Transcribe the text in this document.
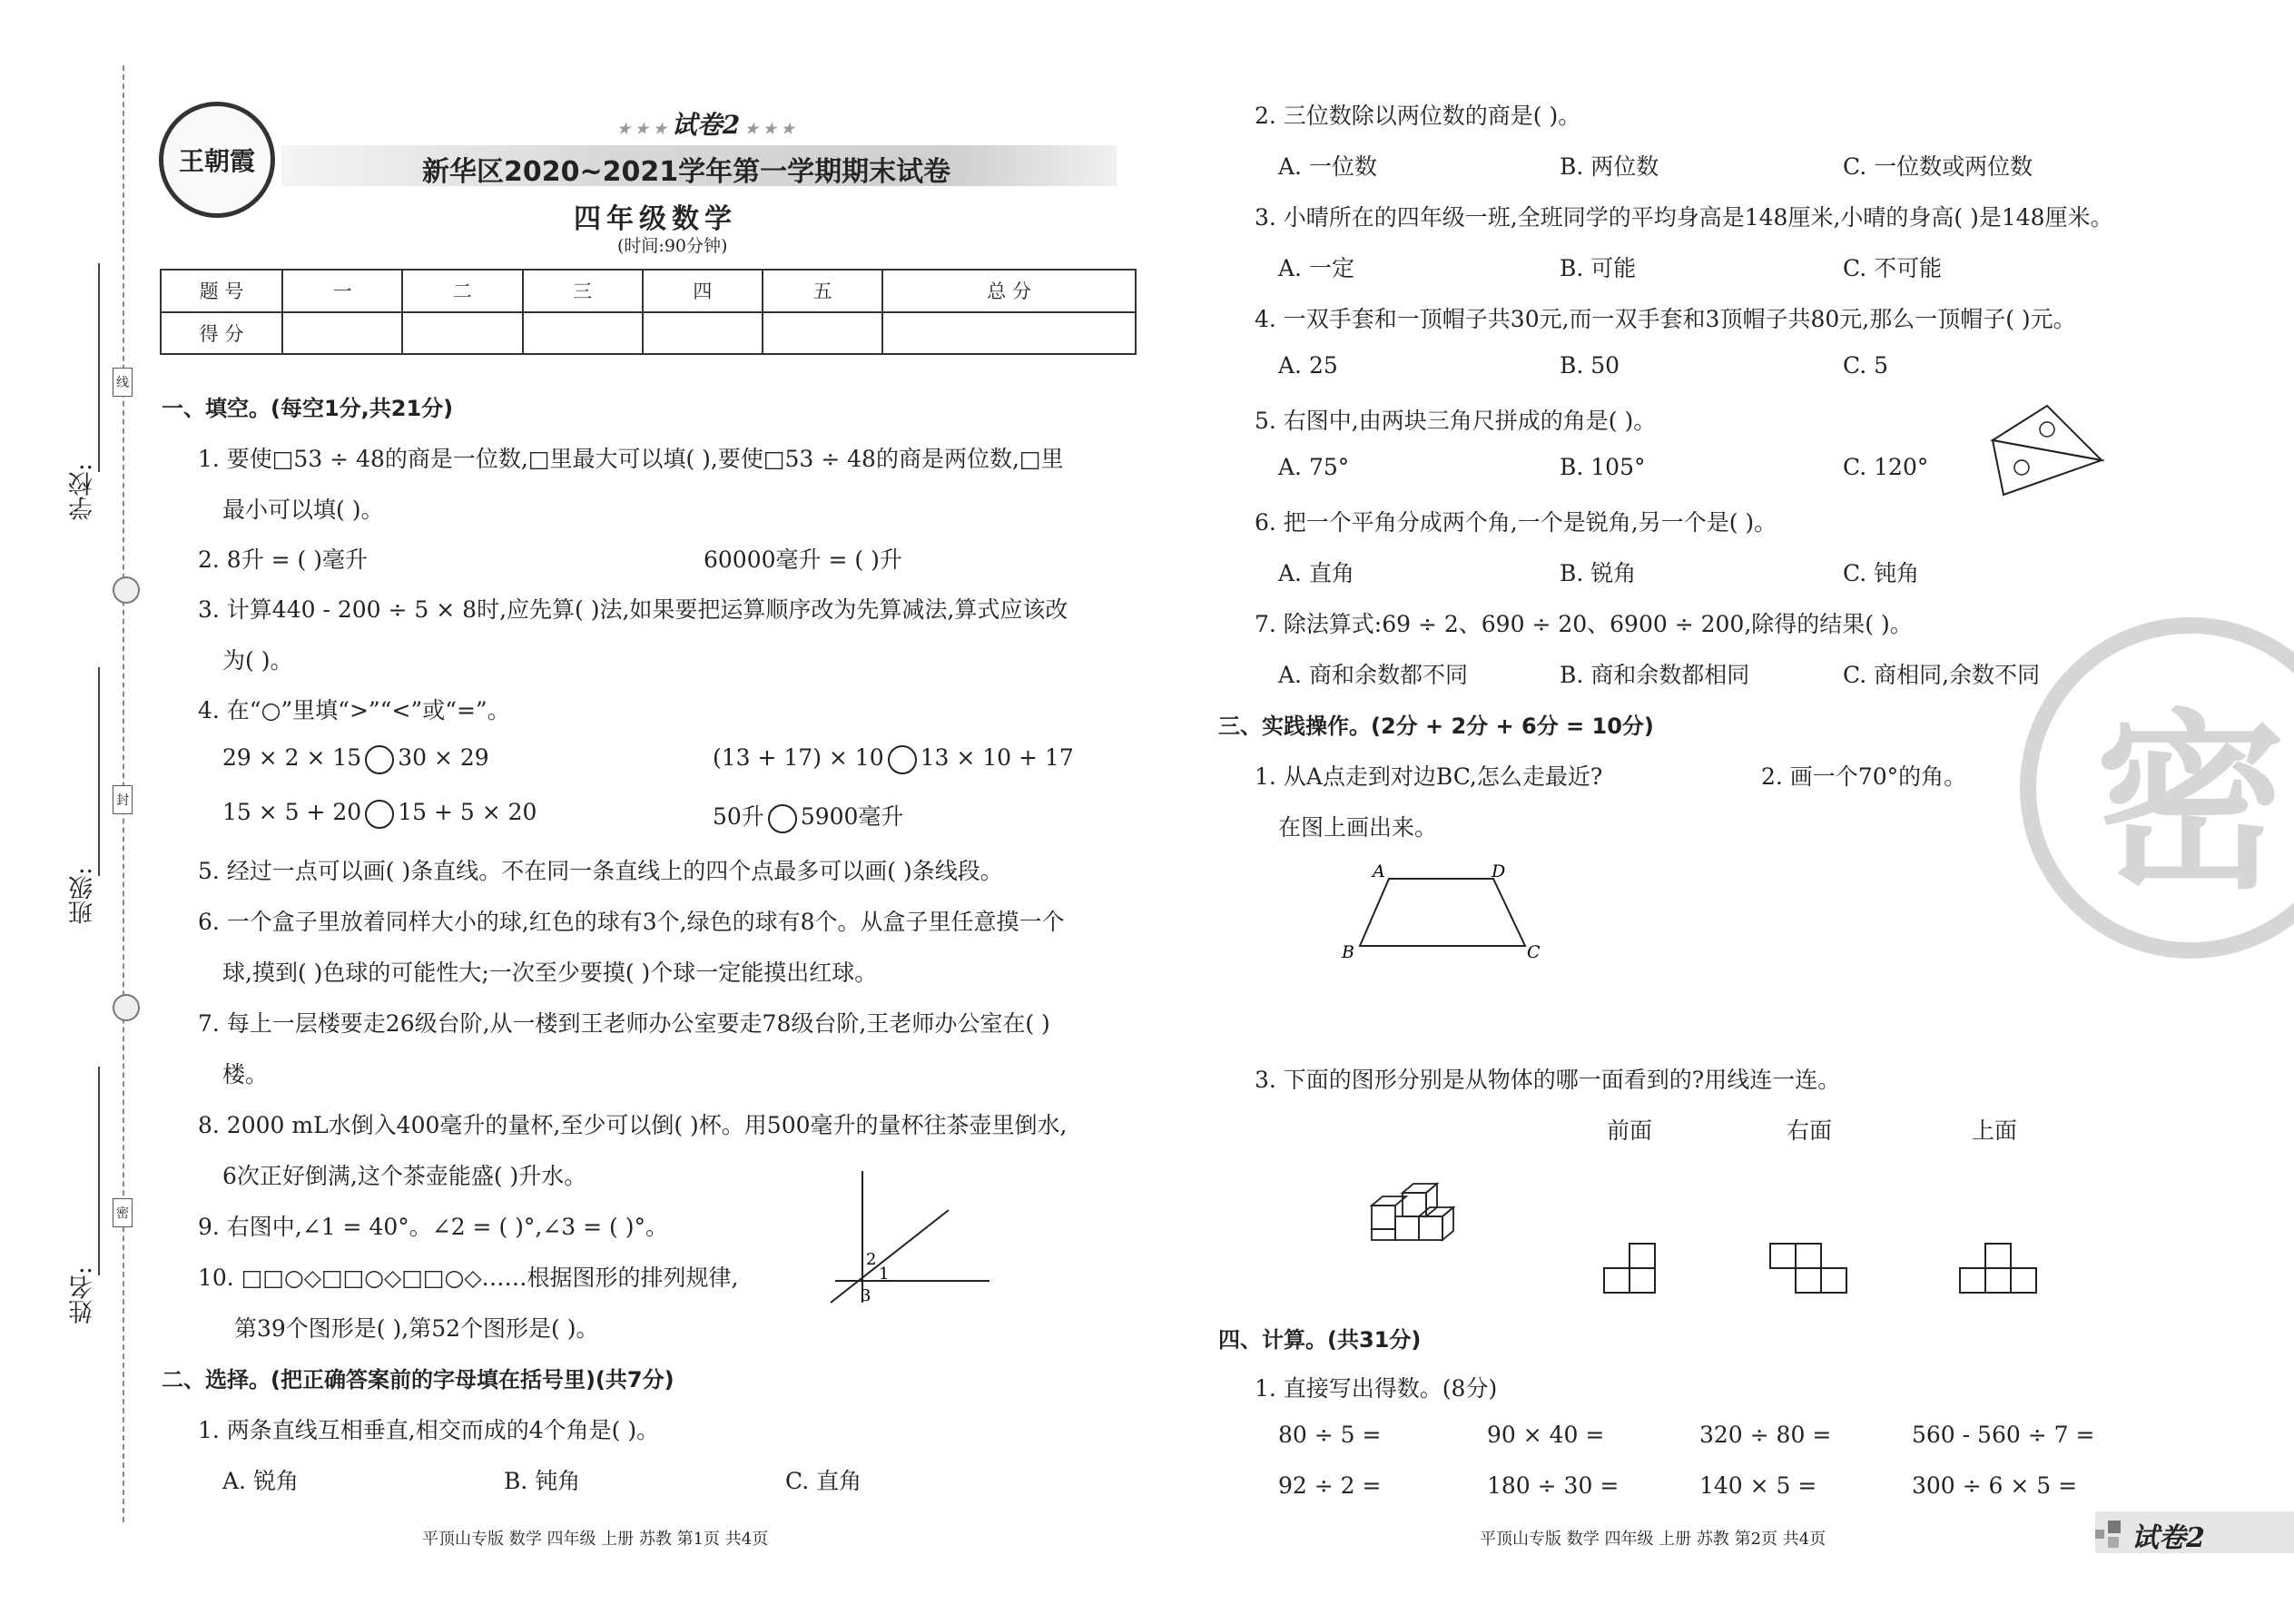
学校:
班级:
姓名:
线
封
密
王朝霞
★ ★ ★ 试卷2 ★ ★ ★
新华区2020~2021学年第一学期期末试卷
四年级数学
(时间:90分钟)
题 号	一	二	三	四	五	总 分
得 分						
一、填空。(每空1分,共21分)
1. 要使□53 ÷ 48的商是一位数,□里最大可以填( ),要使□53 ÷ 48的商是两位数,□里
最小可以填( )。
2. 8升 = ( )毫升	60000毫升 = ( )升
3. 计算440 - 200 ÷ 5 × 8时,应先算( )法,如果要把运算顺序改为先算减法,算式应该改
为( )。
4. 在“○”里填“>”“<”或“=”。
29 × 2 × 15 30 × 29	(13 + 17) × 10 13 × 10 + 17
15 × 5 + 20 15 + 5 × 20	50升 5900毫升
5. 经过一点可以画( )条直线。不在同一条直线上的四个点最多可以画( )条线段。
6. 一个盒子里放着同样大小的球,红色的球有3个,绿色的球有8个。从盒子里任意摸一个
球,摸到( )色球的可能性大;一次至少要摸( )个球一定能摸出红球。
7. 每上一层楼要走26级台阶,从一楼到王老师办公室要走78级台阶,王老师办公室在( )
楼。
8. 2000 mL水倒入400毫升的量杯,至少可以倒( )杯。用500毫升的量杯往茶壶里倒水,
6次正好倒满,这个茶壶能盛( )升水。
9. 右图中,∠1 = 40°。∠2 = ( )°,∠3 = ( )°。
10. □□○◇□□○◇□□○◇……根据图形的排列规律,
第39个图形是( ),第52个图形是( )。
2
1
3
二、选择。(把正确答案前的字母填在括号里)(共7分)
1. 两条直线互相垂直,相交而成的4个角是( )。
A. 锐角	B. 钝角	C. 直角
平顶山专版 数学 四年级 上册 苏教 第1页 共4页
密
2. 三位数除以两位数的商是( )。
A. 一位数	B. 两位数	C. 一位数或两位数
3. 小晴所在的四年级一班,全班同学的平均身高是148厘米,小晴的身高( )是148厘米。
A. 一定	B. 可能	C. 不可能
4. 一双手套和一顶帽子共30元,而一双手套和3顶帽子共80元,那么一顶帽子( )元。
A. 25	B. 50	C. 5
5. 右图中,由两块三角尺拼成的角是( )。
A. 75°	B. 105°	C. 120°
6. 把一个平角分成两个角,一个是锐角,另一个是( )。
A. 直角	B. 锐角	C. 钝角
7. 除法算式:69 ÷ 2、690 ÷ 20、6900 ÷ 200,除得的结果( )。
A. 商和余数都不同	B. 商和余数都相同	C. 商相同,余数不同
三、实践操作。(2分 + 2分 + 6分 = 10分)
1. 从A点走到对边BC,怎么走最近?	2. 画一个70°的角。
在图上画出来。
A	D
B	C
3. 下面的图形分别是从物体的哪一面看到的?用线连一连。
前面	右面	上面
四、计算。(共31分)
1. 直接写出得数。(8分)
80 ÷ 5 =	90 × 40 =	320 ÷ 80 =	560 - 560 ÷ 7 =
92 ÷ 2 =	180 ÷ 30 =	140 × 5 =	300 ÷ 6 × 5 =
平顶山专版 数学 四年级 上册 苏教 第2页 共4页	试卷2
